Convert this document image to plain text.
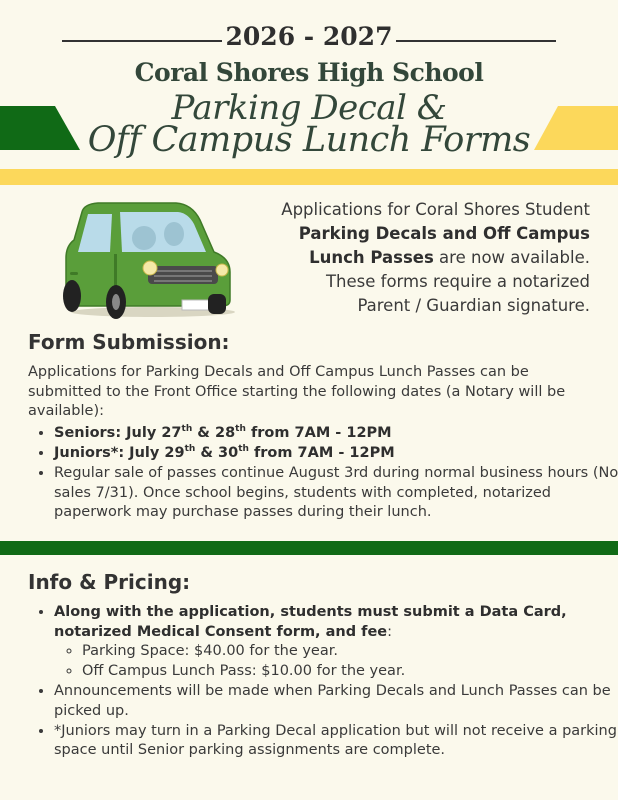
2026 - 2027
Coral Shores High School
Parking Decal &
Off Campus Lunch Forms
Applications for Coral Shores Student
Parking Decals and Off Campus
Lunch Passes are now available.
These forms require a notarized
Parent / Guardian signature.
Form Submission:

Applications for Parking Decals and Off Campus Lunch Passes can be submitted to the Front Office starting the following dates (a Notary will be available):

• Seniors: July 27th & 28th from 7AM - 12PM
• Juniors*: July 29th & 30th from 7AM - 12PM
• Regular sale of passes continue August 3rd during normal business hours (No sales 7/31). Once school begins, students with completed, notarized paperwork may purchase passes during their lunch.
Info & Pricing:
• Along with the application, students must submit a Data Card, notarized Medical Consent form, and fee:
◦ Parking Space: $40.00 for the year.
◦ Off Campus Lunch Pass: $10.00 for the year.
• Announcements will be made when Parking Decals and Lunch Passes can be picked up.
• *Juniors may turn in a Parking Decal application but will not receive a parking space until Senior parking assignments are complete.
